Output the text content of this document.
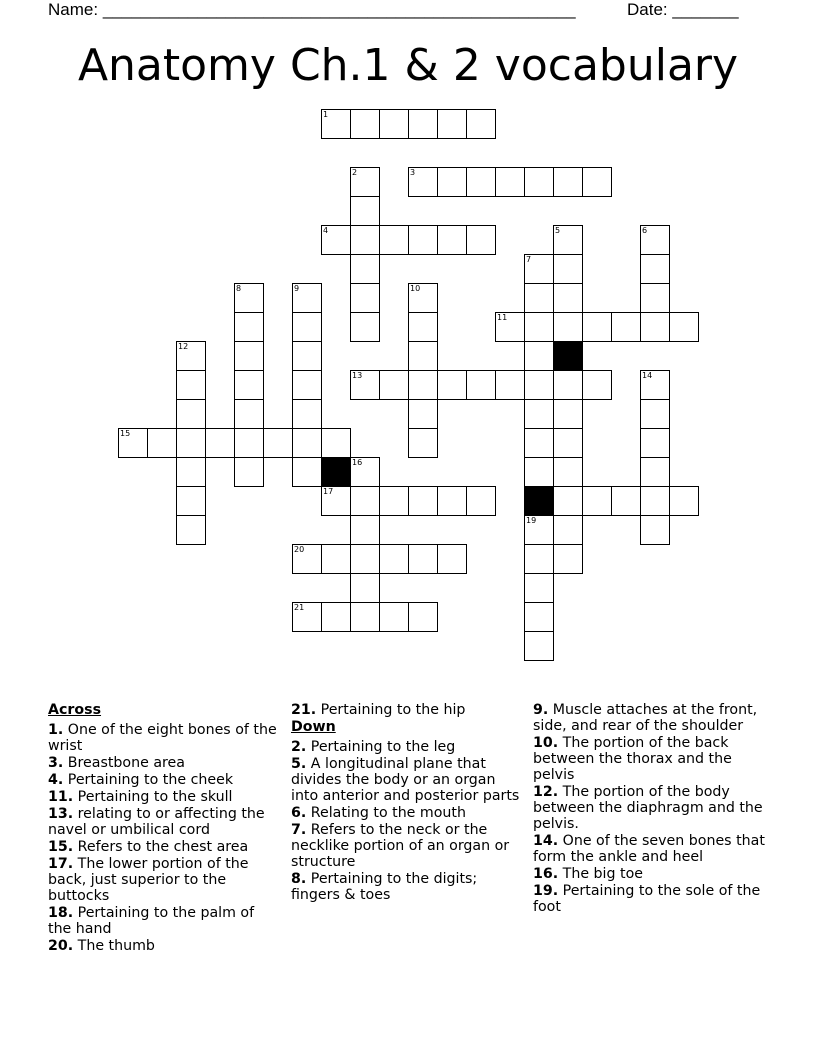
Name: __________________________________________________	Date: _______
Anatomy Ch.1 & 2 vocabulary
1
3
4
11
13
15
17	18
20
21
2
5	6
7
8	9	10
12
14
16
19
Across
1. One of the eight bones of the wrist
3. Breastbone area
4. Pertaining to the cheek
11. Pertaining to the skull
13. relating to or affecting the navel or umbilical cord
15. Refers to the chest area
17. The lower portion of the back, just superior to the buttocks
18. Pertaining to the palm of the hand
20. The thumb
21. Pertaining to the hip
Down
2. Pertaining to the leg
5. A longitudinal plane that divides the body or an organ into anterior and posterior parts
6. Relating to the mouth
7. Refers to the neck or the necklike portion of an organ or structure
8. Pertaining to the digits; fingers & toes
9. Muscle attaches at the front, side, and rear of the shoulder
10. The portion of the back between the thorax and the pelvis
12. The portion of the body between the diaphragm and the pelvis.
14. One of the seven bones that form the ankle and heel
16. The big toe
19. Pertaining to the sole of the foot
